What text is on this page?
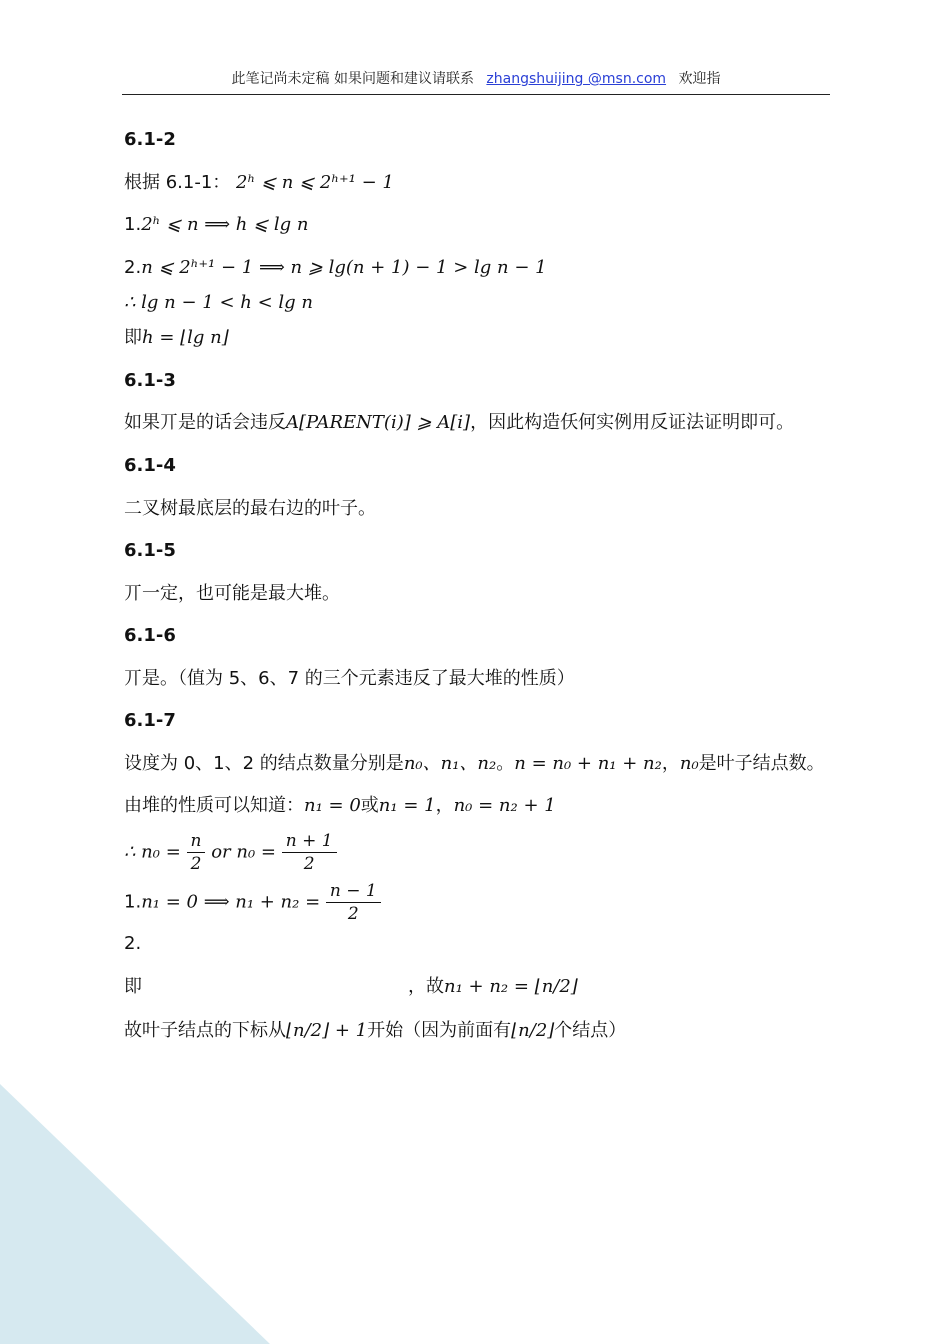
此笔记尚未定稿 如果问题和建议请联系 zhangshuijing @msn.com 欢迎指
6.1-2
根据 6.1-1： 2ʰ ⩽ n ⩽ 2ʰ⁺¹ − 1
1.2ʰ ⩽ n ⟹ h ⩽ lg n
2.n ⩽ 2ʰ⁺¹ − 1 ⟹ n ⩾ lg(n + 1) − 1 > lg n − 1
∴ lg n − 1 < h < lg n
即h = ⌊lg n⌋
6.1-3
如果丌是的话会违反A[PARENT(i)] ⩾ A[i]，因此构造仸何实例用反证法证明即可。
6.1-4
二叉树最底层的最右边的叶子。
6.1-5
丌一定，也可能是最大堆。
6.1-6
丌是。（值为 5、6、7 的三个元素违反了最大堆的性质）
6.1-7
设度为 0、1、2 的结点数量分别是n₀、n₁、n₂。n = n₀ + n₁ + n₂，n₀是叶子结点数。
由堆的性质可以知道：n₁ = 0或n₁ = 1，n₀ = n₂ + 1
∴ $n_0 = \frac{n}{2}$ or $n_0 = \frac{n + 1}{2}$
1.n₁ = 0 ⟹ $n_1 + n_2 = \frac{n - 1}{2}$
2.
即	，故n₁ + n₂ = ⌊n/2⌋
故叶子结点的下标从⌊n/2⌋ + 1开始（因为前面有⌊n/2⌋个结点）
